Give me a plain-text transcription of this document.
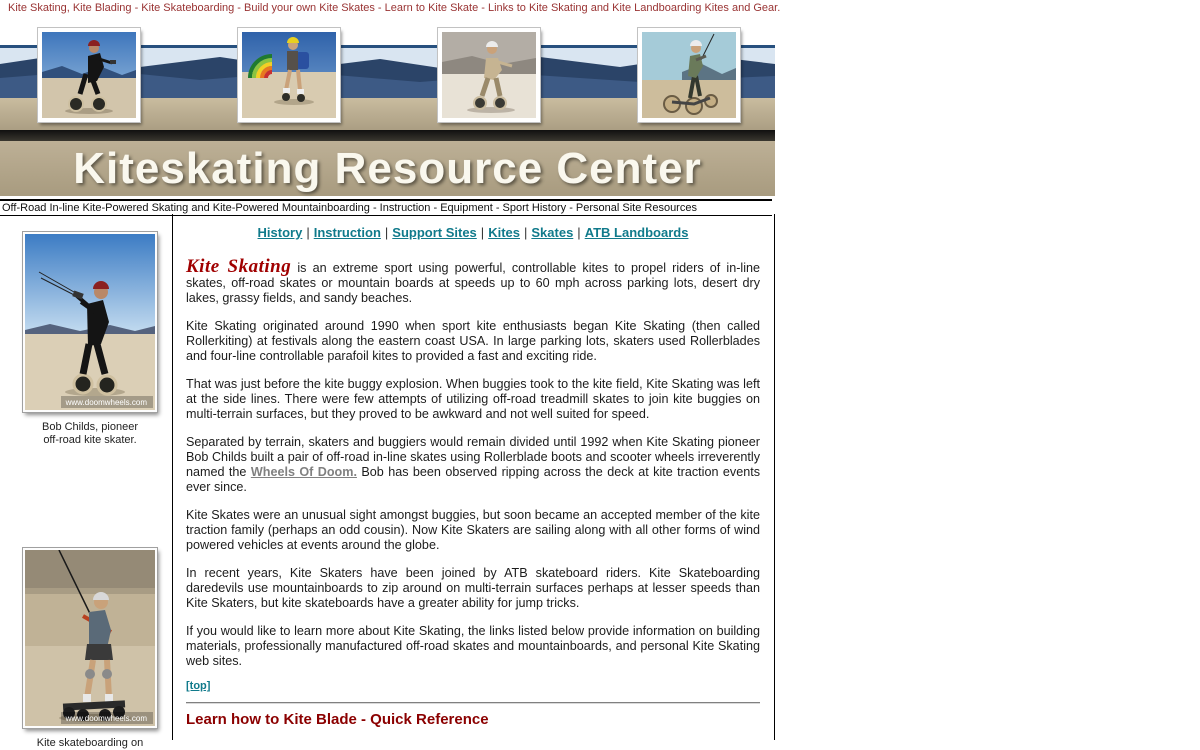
Kite Skating, Kite Blading - Kite Skateboarding - Build your own Kite Skates - Learn to Kite Skate - Links to Kite Skating and Kite Landboarding Kites and Gear.
Kiteskating Resource Center
Off-Road In-line Kite-Powered Skating and Kite-Powered Mountainboarding - Instruction - Equipment - Sport History - Personal Site Resources
www.doomwheels.com
Bob Childs, pioneer
off-road kite skater.
www.doomwheels.com
Kite skateboarding on
History | Instruction | Support Sites | Kites | Skates | ATB Landboards

Kite Skating is an extreme sport using powerful, controllable kites to propel riders of in-line skates, off-road skates or mountain boards at speeds up to 60 mph across parking lots, desert dry lakes, grassy fields, and sandy beaches.

Kite Skating originated around 1990 when sport kite enthusiasts began Kite Skating (then called Rollerkiting) at festivals along the eastern coast USA. In large parking lots, skaters used Rollerblades and four-line controllable parafoil kites to provided a fast and exciting ride.

That was just before the kite buggy explosion. When buggies took to the kite field, Kite Skating was left at the side lines. There were few attempts of utilizing off-road treadmill skates to join kite buggies on multi-terrain surfaces, but they proved to be awkward and not well suited for speed.

Separated by terrain, skaters and buggiers would remain divided until 1992 when Kite Skating pioneer Bob Childs built a pair of off-road in-line skates using Rollerblade boots and scooter wheels irreverently named the Wheels Of Doom. Bob has been observed ripping across the deck at kite traction events ever since.

Kite Skates were an unusual sight amongst buggies, but soon became an accepted member of the kite traction family (perhaps an odd cousin). Now Kite Skaters are sailing along with all other forms of wind powered vehicles at events around the globe.

In recent years, Kite Skaters have been joined by ATB skateboard riders. Kite Skateboarding daredevils use mountainboards to zip around on multi-terrain surfaces perhaps at lesser speeds than Kite Skaters, but kite skateboards have a greater ability for jump tricks.

If you would like to learn more about Kite Skating, the links listed below provide information on building materials, professionally manufactured off-road skates and mountainboards, and personal Kite Skating web sites.

[top]
Learn how to Kite Blade - Quick Reference
